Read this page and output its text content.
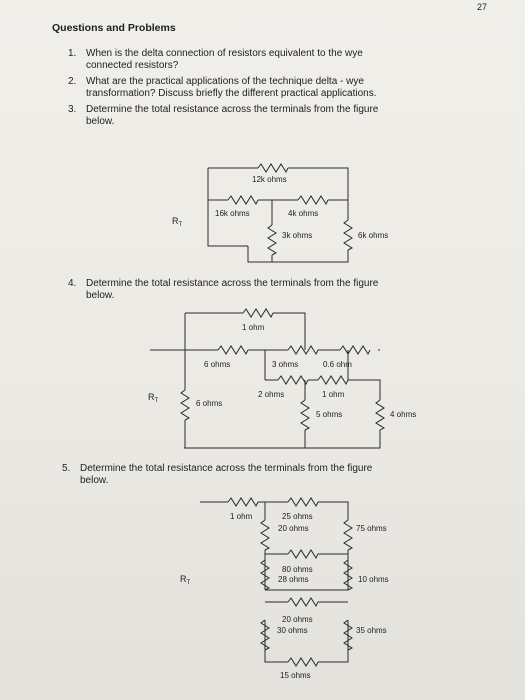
27
Questions and Problems
1. When is the delta connection of resistors equivalent to the wye
connected resistors?
2. What are the practical applications of the technique delta - wye
transformation? Discuss briefly the different practical applications.
3. Determine the total resistance across the terminals from the figure
below.
4. Determine the total resistance across the terminals from the figure
below.
5. Determine the total resistance across the terminals from the figure
below.
12k ohms
16k ohms	4k ohms
3k ohms	6k ohms
$R_T$
1 ohm
6 ohms	3 ohms	0.6 ohm
2 ohms	1 ohm
6 ohms
5 ohms	4 ohms
$R_T$
1 ohm	25 ohms
20 ohms	75 ohms
80 ohms
28 ohms	10 ohms
20 ohms
30 ohms	35 ohms
15 ohms
$R_T$
